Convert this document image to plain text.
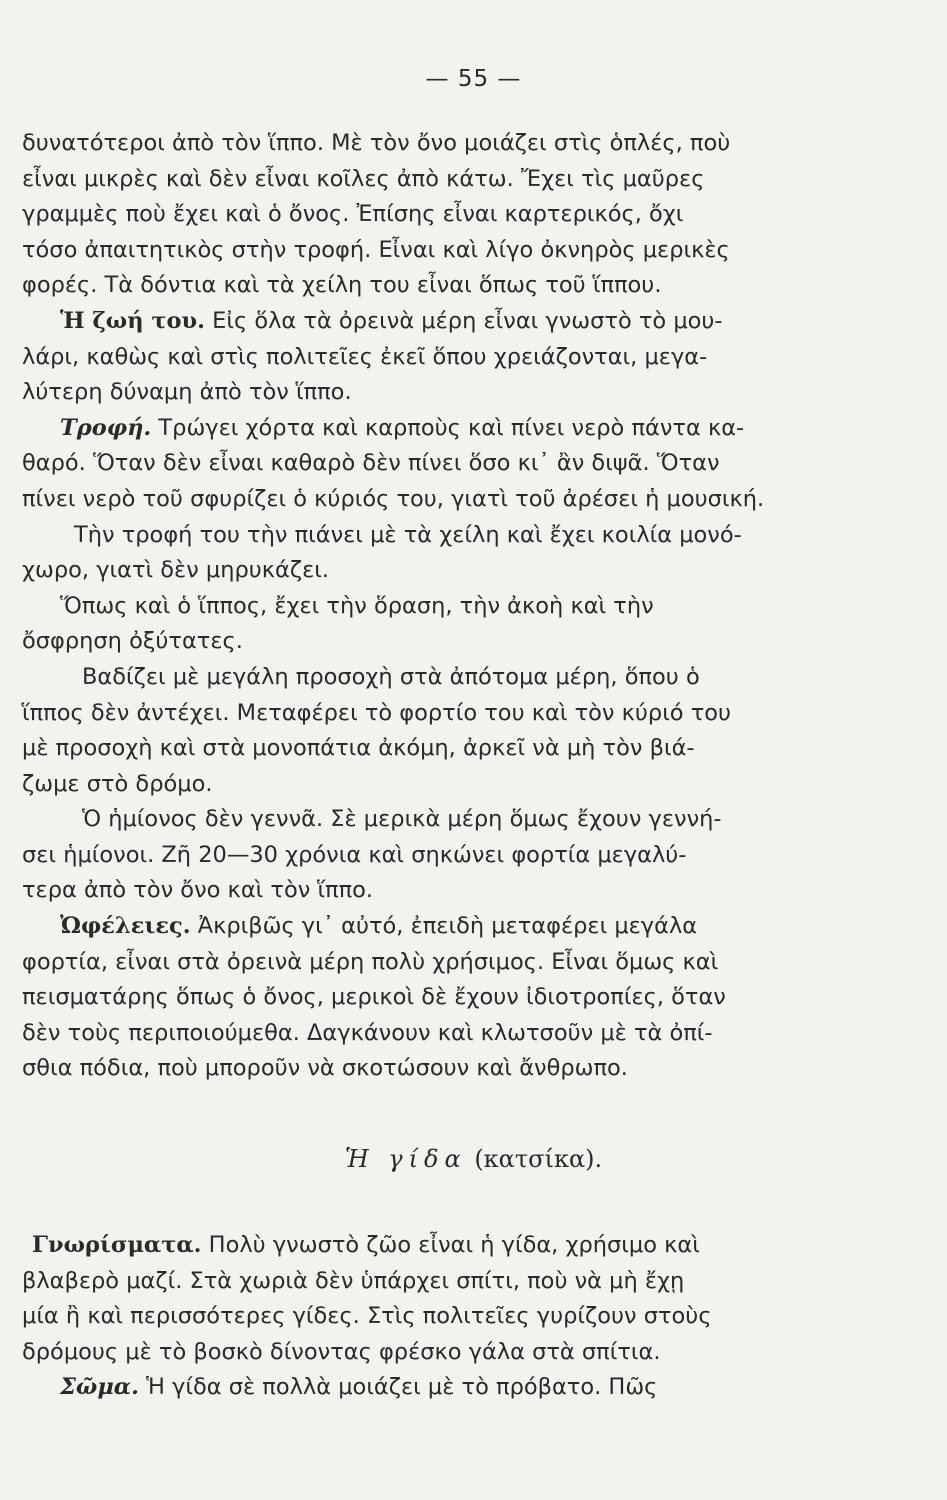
— 55 —
δυνατότεροι ἀπὸ τὸν ἵππο. Μὲ τὸν ὄνο μοιάζει στὶς ὁπλές, ποὺ
εἶναι μικρὲς καὶ δὲν εἶναι κοῖλες ἀπὸ κάτω. Ἔχει τὶς μαῦρες
γραμμὲς ποὺ ἔχει καὶ ὁ ὄνος. Ἐπίσης εἶναι καρτερικός, ὄχι
τόσο ἀπαιτητικὸς στὴν τροφή. Εἶναι καὶ λίγο ὀκνηρὸς μερικὲς
φορές. Τὰ δόντια καὶ τὰ χείλη του εἶναι ὅπως τοῦ ἵππου.
Ἡ ζωή του. Εἰς ὅλα τὰ ὀρεινὰ μέρη εἶναι γνωστὸ τὸ μου-
λάρι, καθὼς καὶ στὶς πολιτεῖες ἐκεῖ ὅπου χρειάζονται, μεγα-
λύτερη δύναμη ἀπὸ τὸν ἵππο.
Τροφή. Τρώγει χόρτα καὶ καρποὺς καὶ πίνει νερὸ πάντα κα-
θαρό. Ὅταν δὲν εἶναι καθαρὸ δὲν πίνει ὅσο κι᾿ ἂν διψᾶ. Ὅταν
πίνει νερὸ τοῦ σφυρίζει ὁ κύριός του, γιατὶ τοῦ ἀρέσει ἡ μουσική.
Τὴν τροφή του τὴν πιάνει μὲ τὰ χείλη καὶ ἔχει κοιλία μονό-
χωρο, γιατὶ δὲν μηρυκάζει.
Ὅπως καὶ ὁ ἵππος, ἔχει τὴν ὅραση, τὴν ἀκοὴ καὶ τὴν
ὄσφρηση ὀξύτατες.
Βαδίζει μὲ μεγάλη προσοχὴ στὰ ἀπότομα μέρη, ὅπου ὁ
ἵππος δὲν ἀντέχει. Μεταφέρει τὸ φορτίο του καὶ τὸν κύριό του
μὲ προσοχὴ καὶ στὰ μονοπάτια ἀκόμη, ἀρκεῖ νὰ μὴ τὸν βιά-
ζωμε στὸ δρόμο.
Ὁ ἡμίονος δὲν γεννᾶ. Σὲ μερικὰ μέρη ὅμως ἔχουν γεννή-
σει ἡμίονοι. Ζῆ 20—30 χρόνια καὶ σηκώνει φορτία μεγαλύ-
τερα ἀπὸ τὸν ὄνο καὶ τὸν ἵππο.
Ὠφέλειες. Ἀκριβῶς γι᾿ αὐτό, ἐπειδὴ μεταφέρει μεγάλα
φορτία, εἶναι στὰ ὀρεινὰ μέρη πολὺ χρήσιμος. Εἶναι ὅμως καὶ
πεισματάρης ὅπως ὁ ὄνος, μερικοὶ δὲ ἔχουν ἰδιοτροπίες, ὅταν
δὲν τοὺς περιποιούμεθα. Δαγκάνουν καὶ κλωτσοῦν μὲ τὰ ὀπί-
σθια πόδια, ποὺ μποροῦν νὰ σκοτώσουν καὶ ἄνθρωπο.
Ἡ γίδα (κατσίκα).
Γνωρίσματα. Πολὺ γνωστὸ ζῶο εἶναι ἡ γίδα, χρήσιμο καὶ
βλαβερὸ μαζί. Στὰ χωριὰ δὲν ὑπάρχει σπίτι, ποὺ νὰ μὴ ἔχῃ
μία ἢ καὶ περισσότερες γίδες. Στὶς πολιτεῖες γυρίζουν στοὺς
δρόμους μὲ τὸ βοσκὸ δίνοντας φρέσκο γάλα στὰ σπίτια.
Σῶμα. Ἡ γίδα σὲ πολλὰ μοιάζει μὲ τὸ πρόβατο. Πῶς
